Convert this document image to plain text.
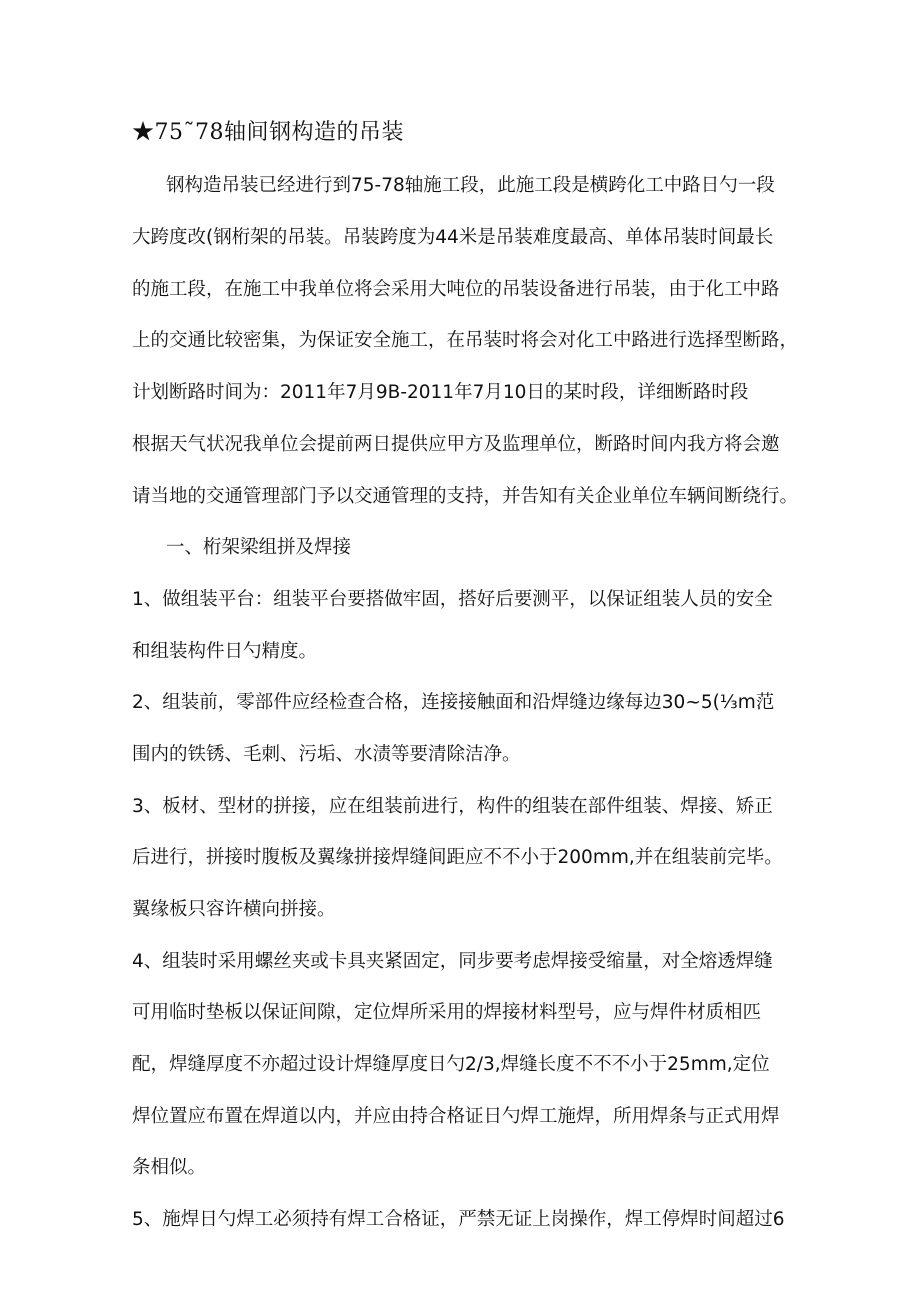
★75˜78轴间钢构造的吊装
钢构造吊装已经进行到75-78轴施工段，此施工段是横跨化工中路日勺一段
大跨度改(钢桁架的吊装。吊装跨度为44米是吊装难度最高、单体吊装时间最长
的施工段，在施工中我单位将会采用大吨位的吊装设备进行吊装，由于化工中路
上的交通比较密集，为保证安全施工，在吊装时将会对化工中路进行选择型断路，
计划断路时间为：2011年7月9B-2011年7月10日的某时段，详细断路时段
根据天气状况我单位会提前两日提供应甲方及监理单位，断路时间内我方将会邀
请当地的交通管理部门予以交通管理的支持，并告知有关企业单位车辆间断绕行。
一、桁架梁组拼及焊接
1、做组装平台：组装平台要搭做牢固，搭好后要测平，以保证组装人员的安全
和组装构件日勺精度。
2、组装前，零部件应经检查合格，连接接触面和沿焊缝边缘每边30~5(⅓m范
围内的铁锈、毛刺、污垢、水渍等要清除洁净。
3、板材、型材的拼接，应在组装前进行，构件的组装在部件组装、焊接、矫正
后进行，拼接时腹板及翼缘拼接焊缝间距应不不小于200mm,并在组装前完毕。
翼缘板只容许横向拼接。
4、组装时采用螺丝夹或卡具夹紧固定，同步要考虑焊接受缩量，对全熔透焊缝
可用临时垫板以保证间隙，定位焊所采用的焊接材料型号，应与焊件材质相匹
配，焊缝厚度不亦超过设计焊缝厚度日勺2/3,焊缝长度不不不小于25mm,定位
焊位置应布置在焊道以内，并应由持合格证日勺焊工施焊，所用焊条与正式用焊
条相似。
5、施焊日勺焊工必须持有焊工合格证，严禁无证上岗操作，焊工停焊时间超过6
